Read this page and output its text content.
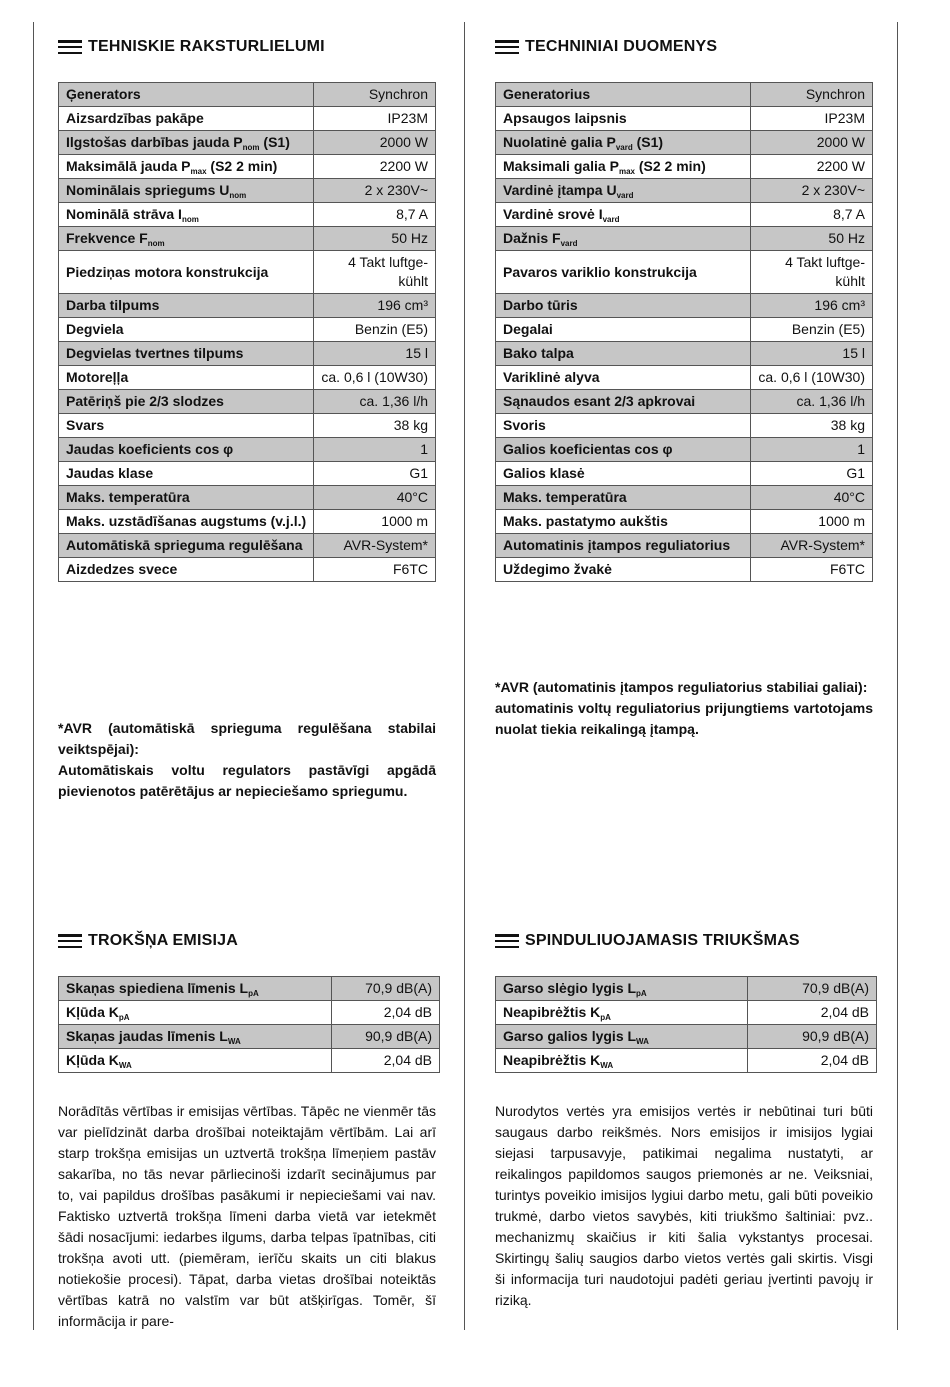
TEHNISKIE RAKSTURLIELUMI
Ģenerators	Synchron
Aizsardzības pakāpe	IP23M
Ilgstošas darbības jauda $P_{nom}$ (S1)	2000 W
Maksimālā jauda $P_{max}$ (S2 2 min)	2200 W
Nominālais spriegums $U_{nom}$	2 x 230V~
Nominālā strāva $I_{nom}$	8,7 A
Frekvence $F_{nom}$	50 Hz
Piedziņas motora konstrukcija	4 Takt luftge-
kühlt

Darba tilpums	196 cm³
Degviela	Benzin (E5)
Degvielas tvertnes tilpums	15 l
Motoreļļa	ca. 0,6 l (10W30)
Patēriņš pie 2/3 slodzes	ca. 1,36 l/h
Svars	38 kg
Jaudas koeficients cos φ	1
Jaudas klase	G1
Maks. temperatūra	40°C
Maks. uzstādīšanas augstums (v.j.l.)	1000 m
Automātiskā sprieguma regulēšana	AVR-System*
Aizdedzes svece	F6TC

*AVR (automātiskā sprieguma regulēšana stabilai veiktspējai):

Automātiskais voltu regulators pastāvīgi apgādā pievienotos patērētājus ar nepieciešamo spriegumu.

TROKŠŅA EMISIJA
Skaņas spiediena līmenis $L_{pA}$	70,9 dB(A)
Kļūda $K_{pA}$	2,04 dB
Skaņas jaudas līmenis $L_{WA}$	90,9 dB(A)
Kļūda $K_{WA}$	2,04 dB

Norādītās vērtības ir emisijas vērtības. Tāpēc ne vienmēr tās var pielīdzināt darba drošībai noteiktajām vērtībām. Lai arī starp trokšņa emisijas un uztvertā trokšņa līmeņiem pastāv sakarība, no tās nevar pārliecinoši izdarīt secinājumus par to, vai papildus drošības pasākumi ir nepieciešami vai nav. Faktisko uztvertā trokšņa līmeni darba vietā var ietekmēt šādi nosacījumi: iedarbes ilgums, darba telpas īpatnības, citi trokšņa avoti utt. (piemēram, ierīču skaits un citi blakus notiekošie procesi). Tāpat, darba vietas drošībai noteiktās vērtības katrā no valstīm var būt atšķirīgas. Tomēr, šī informācija ir pare-

TECHNINIAI DUOMENYS
Generatorius	Synchron
Apsaugos laipsnis	IP23M
Nuolatinė galia $P_{vard}$ (S1)	2000 W
Maksimali galia $P_{max}$ (S2 2 min)	2200 W
Vardinė įtampa $U_{vard}$	2 x 230V~
Vardinė srovė $I_{vard}$	8,7 A
Dažnis $F_{vard}$	50 Hz
Pavaros variklio konstrukcija	4 Takt luftge-
kühlt

Darbo tūris	196 cm³
Degalai	Benzin (E5)
Bako talpa	15 l
Variklinė alyva	ca. 0,6 l (10W30)
Sąnaudos esant 2/3 apkrovai	ca. 1,36 l/h
Svoris	38 kg
Galios koeficientas cos φ	1
Galios klasė	G1
Maks. temperatūra	40°C
Maks. pastatymo aukštis	1000 m
Automatinis įtampos reguliatorius	AVR-System*
Uždegimo žvakė	F6TC

*AVR (automatinis įtampos reguliatorius stabiliai galiai):

automatinis voltų reguliatorius prijungtiems vartotojams nuolat tiekia reikalingą įtampą.

SPINDULIUOJAMASIS TRIUKŠMAS
Garso slėgio lygis $L_{pA}$	70,9 dB(A)
Neapibrėžtis $K_{pA}$	2,04 dB
Garso galios lygis $L_{WA}$	90,9 dB(A)
Neapibrėžtis $K_{WA}$	2,04 dB

Nurodytos vertės yra emisijos vertės ir nebūtinai turi būti saugaus darbo reikšmės. Nors emisijos ir imisijos lygiai siejasi tarpusavyje, patikimai negalima nustatyti, ar reikalingos papildomos saugos priemonės ar ne. Veiksniai, turintys poveikio imisijos lygiui darbo metu, gali būti poveikio trukmė, darbo vietos savybės, kiti triukšmo šaltiniai: pvz.. mechanizmų skaičius ir kiti šalia vykstantys procesai. Skirtingų šalių saugios darbo vietos vertės gali skirtis. Visgi ši informacija turi naudotojui padėti geriau įvertinti pavojų ir riziką.
